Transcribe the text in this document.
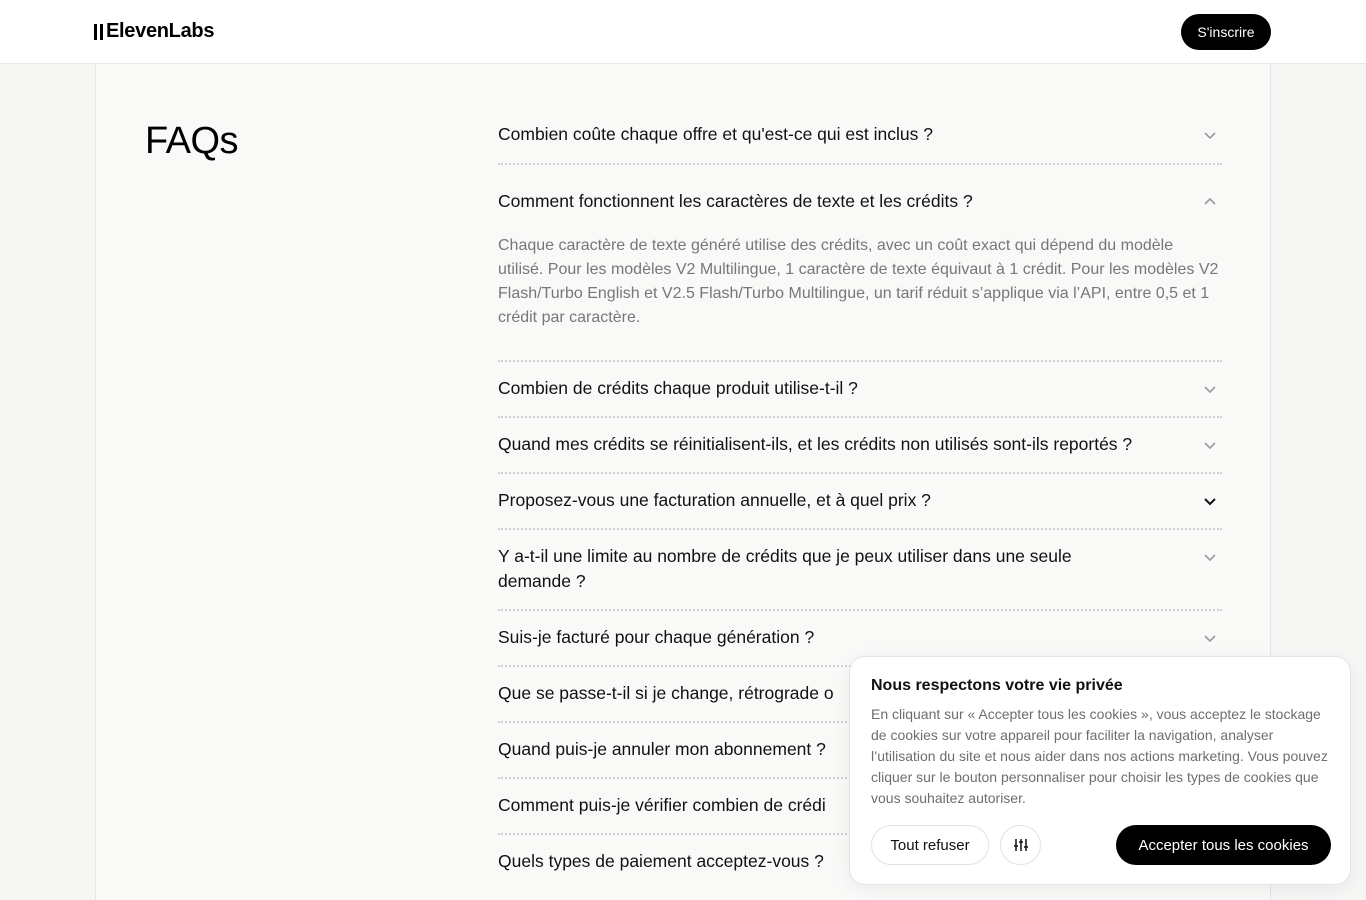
ElevenLabs	S'inscrire
FAQs	Combien coûte chaque offre et qu'est-ce qui est inclus ?
Comment fonctionnent les caractères de texte et les crédits ?

Chaque caractère de texte généré utilise des crédits, avec un coût exact qui dépend du modèle utilisé. Pour les modèles V2 Multilingue, 1 caractère de texte équivaut à 1 crédit. Pour les modèles V2 Flash/Turbo English et V2.5 Flash/Turbo Multilingue, un tarif réduit s’applique via l’API, entre 0,5 et 1 crédit par caractère.

Combien de crédits chaque produit utilise-t-il ?
Quand mes crédits se réinitialisent-ils, et les crédits non utilisés sont-ils reportés ?
Proposez-vous une facturation annuelle, et à quel prix ?
Y a-t-il une limite au nombre de crédits que je peux utiliser dans une seule demande ?
Suis-je facturé pour chaque génération ?
Que se passe-t-il si je change, rétrograde o
Quand puis-je annuler mon abonnement ?
Comment puis-je vérifier combien de crédi
Quels types de paiement acceptez-vous ?
Nous respectons votre vie privée

En cliquant sur « Accepter tous les cookies », vous acceptez le stockage de cookies sur votre appareil pour faciliter la navigation, analyser l’utilisation du site et nous aider dans nos actions marketing. Vous pouvez cliquer sur le bouton personnaliser pour choisir les types de cookies que vous souhaitez autoriser.

Tout refuser	Accepter tous les cookies
